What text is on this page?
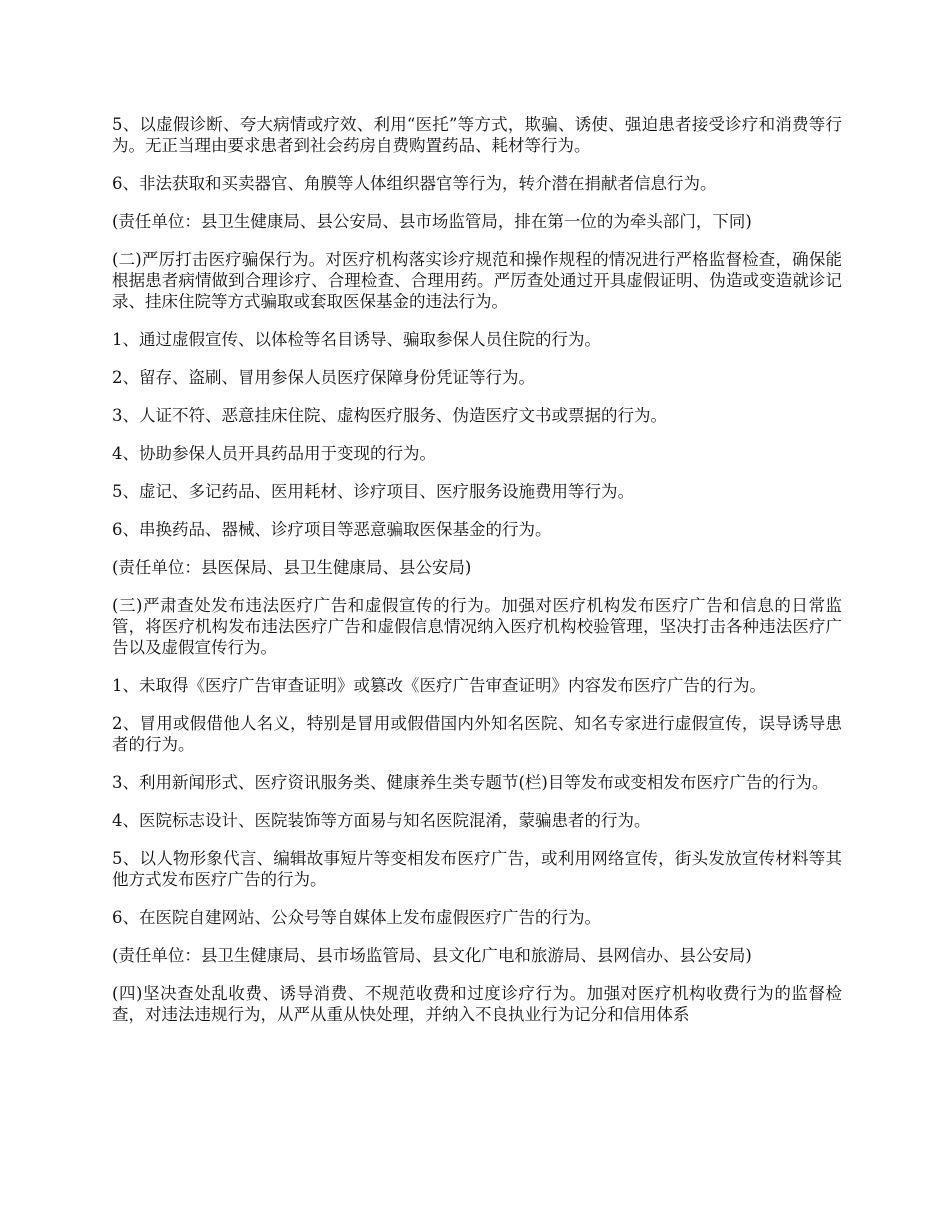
5、以虚假诊断、夸大病情或疗效、利用“医托”等方式，欺骗、诱使、强迫患者接受诊疗和消费等行为。无正当理由要求患者到社会药房自费购置药品、耗材等行为。

6、非法获取和买卖器官、角膜等人体组织器官等行为，转介潜在捐献者信息行为。

(责任单位：县卫生健康局、县公安局、县市场监管局，排在第一位的为牵头部门，下同)

(二)严厉打击医疗骗保行为。对医疗机构落实诊疗规范和操作规程的情况进行严格监督检查，确保能根据患者病情做到合理诊疗、合理检查、合理用药。严厉查处通过开具虚假证明、伪造或变造就诊记录、挂床住院等方式骗取或套取医保基金的违法行为。

1、通过虚假宣传、以体检等名目诱导、骗取参保人员住院的行为。

2、留存、盗刷、冒用参保人员医疗保障身份凭证等行为。

3、人证不符、恶意挂床住院、虚构医疗服务、伪造医疗文书或票据的行为。

4、协助参保人员开具药品用于变现的行为。

5、虚记、多记药品、医用耗材、诊疗项目、医疗服务设施费用等行为。

6、串换药品、器械、诊疗项目等恶意骗取医保基金的行为。

(责任单位：县医保局、县卫生健康局、县公安局)

(三)严肃查处发布违法医疗广告和虚假宣传的行为。加强对医疗机构发布医疗广告和信息的日常监管，将医疗机构发布违法医疗广告和虚假信息情况纳入医疗机构校验管理，坚决打击各种违法医疗广告以及虚假宣传行为。

1、未取得《医疗广告审查证明》或篡改《医疗广告审查证明》内容发布医疗广告的行为。

2、冒用或假借他人名义，特别是冒用或假借国内外知名医院、知名专家进行虚假宣传，误导诱导患者的行为。

3、利用新闻形式、医疗资讯服务类、健康养生类专题节(栏)目等发布或变相发布医疗广告的行为。

4、医院标志设计、医院装饰等方面易与知名医院混淆，蒙骗患者的行为。

5、以人物形象代言、编辑故事短片等变相发布医疗广告，或利用网络宣传，街头发放宣传材料等其他方式发布医疗广告的行为。

6、在医院自建网站、公众号等自媒体上发布虚假医疗广告的行为。

(责任单位：县卫生健康局、县市场监管局、县文化广电和旅游局、县网信办、县公安局)

(四)坚决查处乱收费、诱导消费、不规范收费和过度诊疗行为。加强对医疗机构收费行为的监督检查，对违法违规行为，从严从重从快处理，并纳入不良执业行为记分和信用体系
